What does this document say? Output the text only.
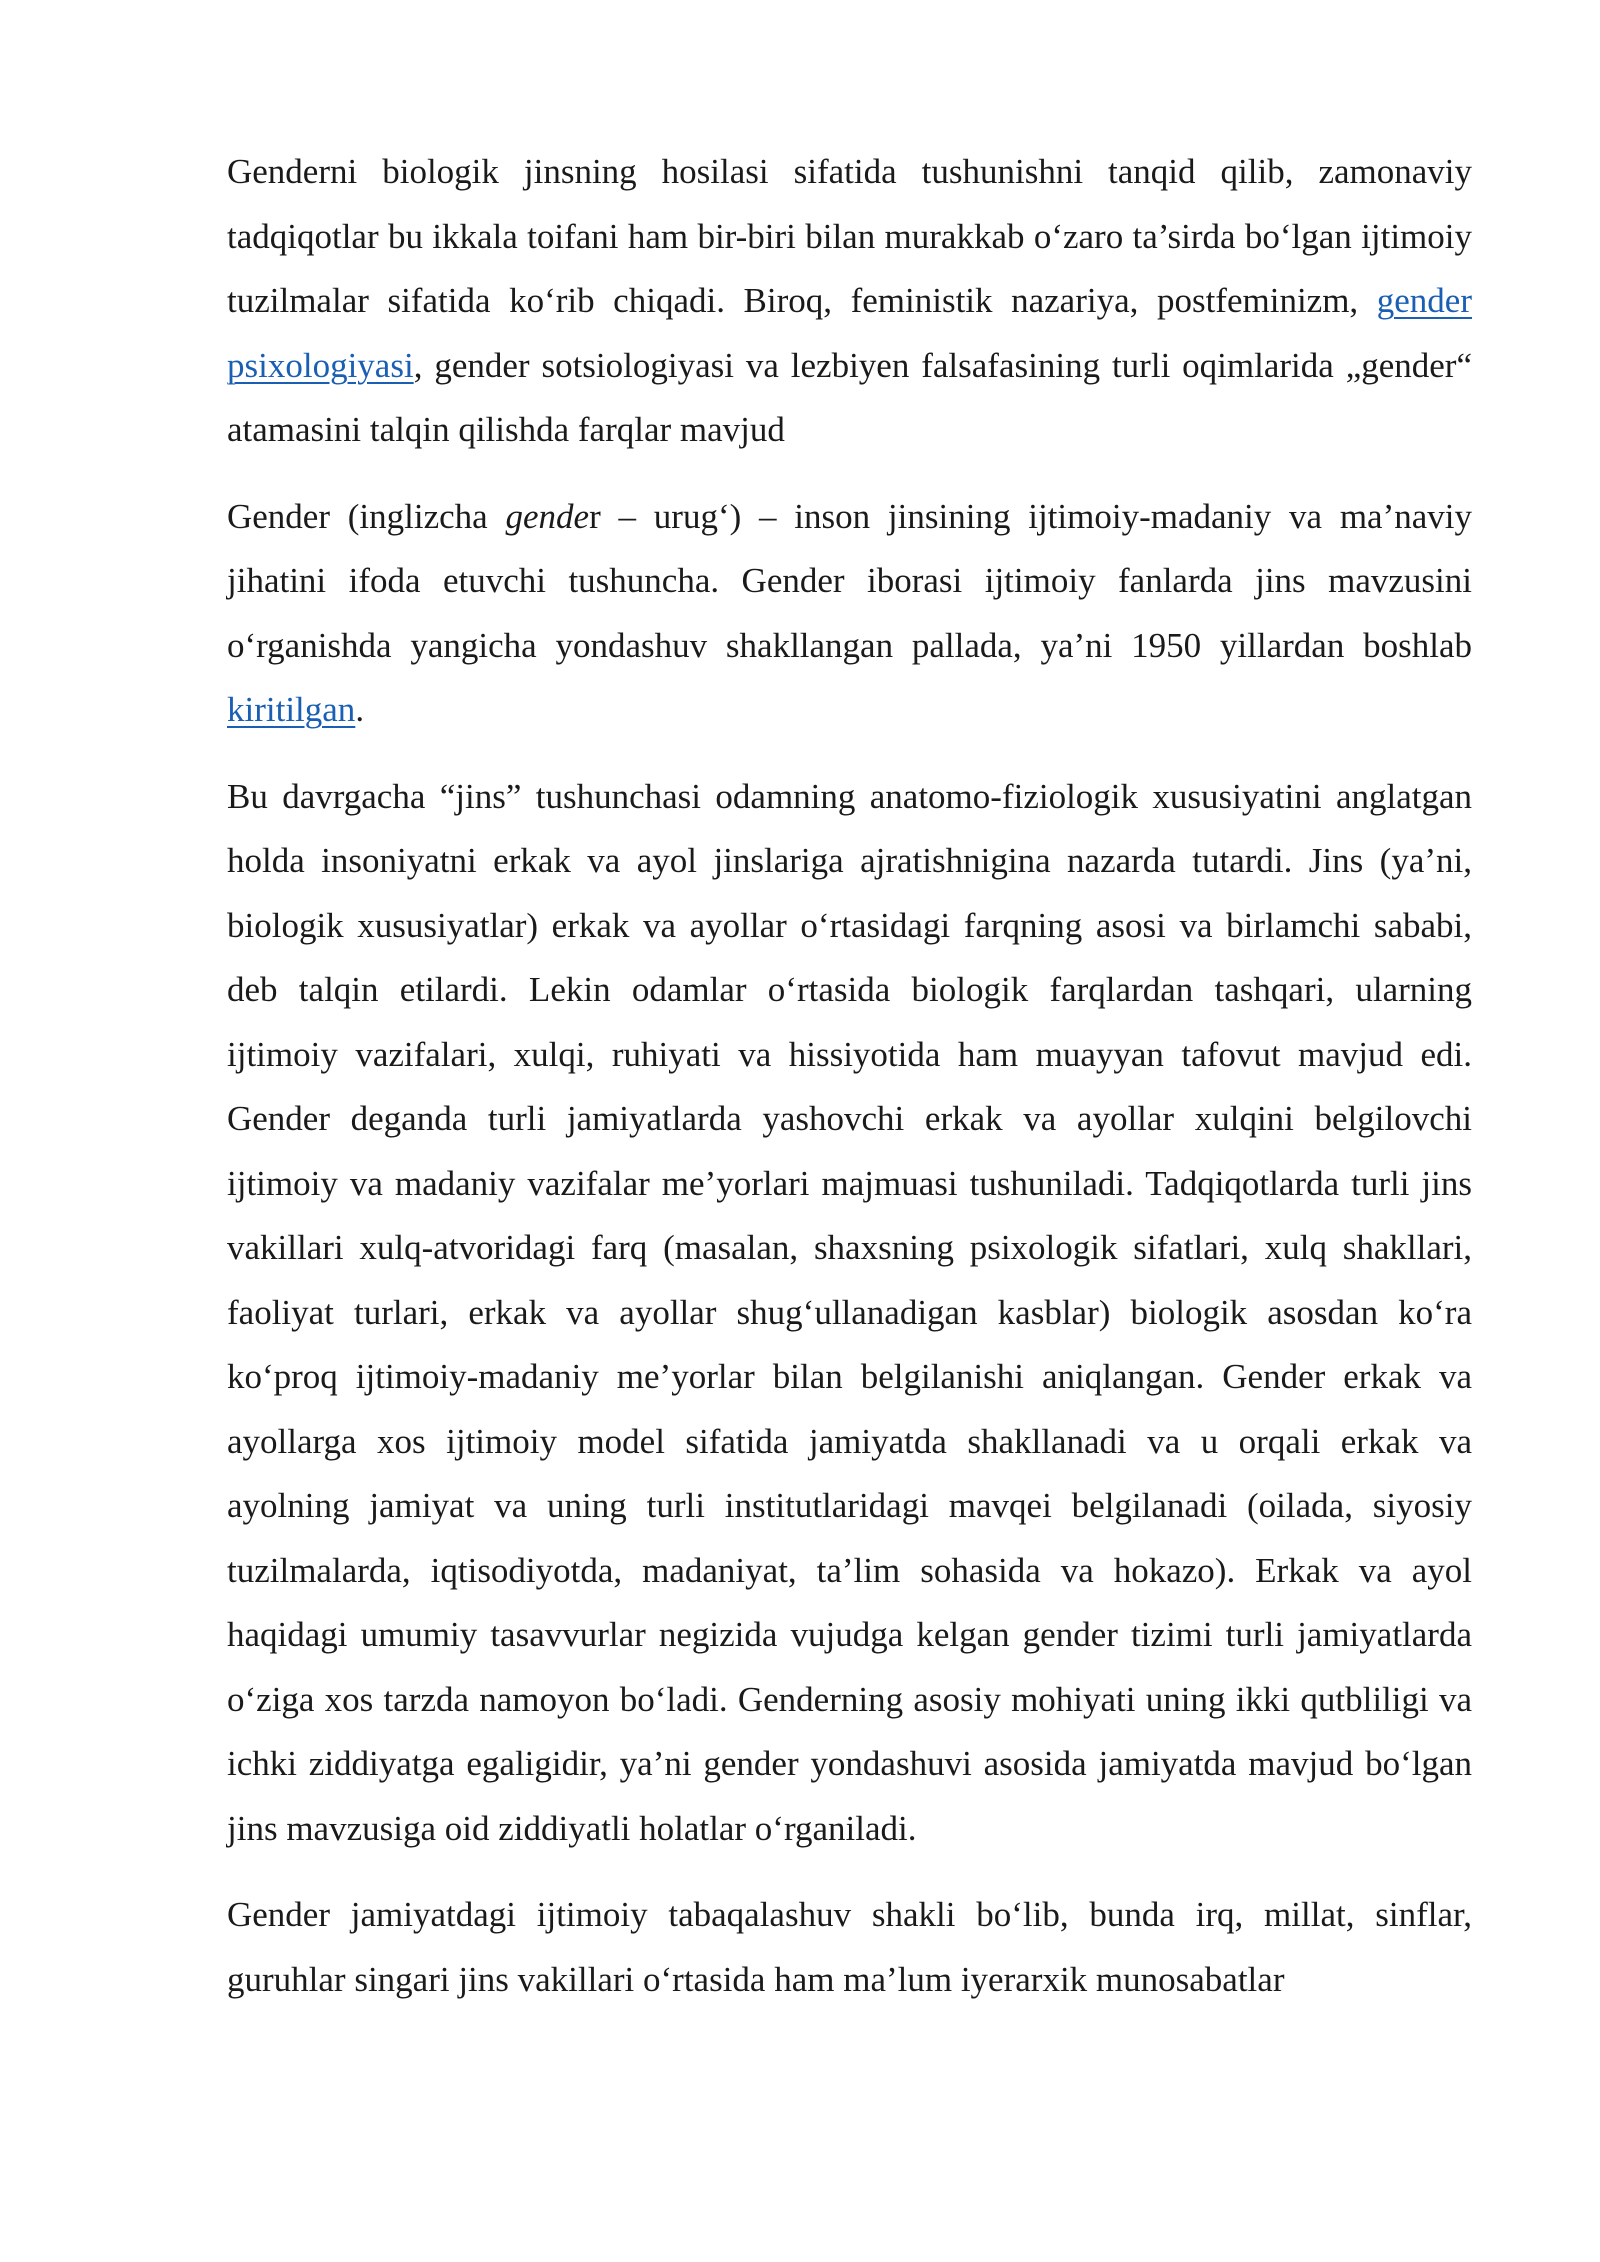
Genderni biologik jinsning hosilasi sifatida tushunishni tanqid qilib, zamonaviy tadqiqotlar bu ikkala toifani ham bir-biri bilan murakkab o‘zaro ta’sirda bo‘lgan ijtimoiy tuzilmalar sifatida ko‘rib chiqadi. Biroq, feministik nazariya, postfeminizm, gender psixologiyasi, gender sotsiologiyasi va lezbiyen falsafasining turli oqimlarida „gender“ atamasini talqin qilishda farqlar mavjud

Gender (inglizcha gender – urug‘) – inson jinsining ijtimoiy-madaniy va ma’naviy jihatini ifoda etuvchi tushuncha. Gender iborasi ijtimoiy fanlarda jins mavzusini o‘rganishda yangicha yondashuv shakllangan pallada, ya’ni 1950 yillardan boshlab kiritilgan.

Bu davrgacha “jins” tushunchasi odamning anatomo-fiziologik xususiyatini anglatgan holda insoniyatni erkak va ayol jinslariga ajratishnigina nazarda tutardi. Jins (ya’ni, biologik xususiyatlar) erkak va ayollar o‘rtasidagi farqning asosi va birlamchi sababi, deb talqin etilardi. Lekin odamlar o‘rtasida biologik farqlardan tashqari, ularning ijtimoiy vazifalari, xulqi, ruhiyati va hissiyotida ham muayyan tafovut mavjud edi. Gender deganda turli jamiyatlarda yashovchi erkak va ayollar xulqini belgilovchi ijtimoiy va madaniy vazifalar me’yorlari majmuasi tushuniladi. Tadqiqotlarda turli jins vakillari xulq-atvoridagi farq (masalan, shaxsning psixologik sifatlari, xulq shakllari, faoliyat turlari, erkak va ayollar shug‘ullanadigan kasblar) biologik asosdan ko‘ra ko‘proq ijtimoiy-madaniy me’yorlar bilan belgilanishi aniqlangan. Gender erkak va ayollarga xos ijtimoiy model sifatida jamiyatda shakllanadi va u orqali erkak va ayolning jamiyat va uning turli institutlaridagi mavqei belgilanadi (oilada, siyosiy tuzilmalarda, iqtisodiyotda, madaniyat, ta’lim sohasida va hokazo). Erkak va ayol haqidagi umumiy tasavvurlar negizida vujudga kelgan gender tizimi turli jamiyatlarda o‘ziga xos tarzda namoyon bo‘ladi. Genderning asosiy mohiyati uning ikki qutbliligi va ichki ziddiyatga egaligidir, ya’ni gender yondashuvi asosida jamiyatda mavjud bo‘lgan jins mavzusiga oid ziddiyatli holatlar o‘rganiladi.

Gender jamiyatdagi ijtimoiy tabaqalashuv shakli bo‘lib, bunda irq, millat, sinflar, guruhlar singari jins vakillari o‘rtasida ham ma’lum iyerarxik munosabatlar
